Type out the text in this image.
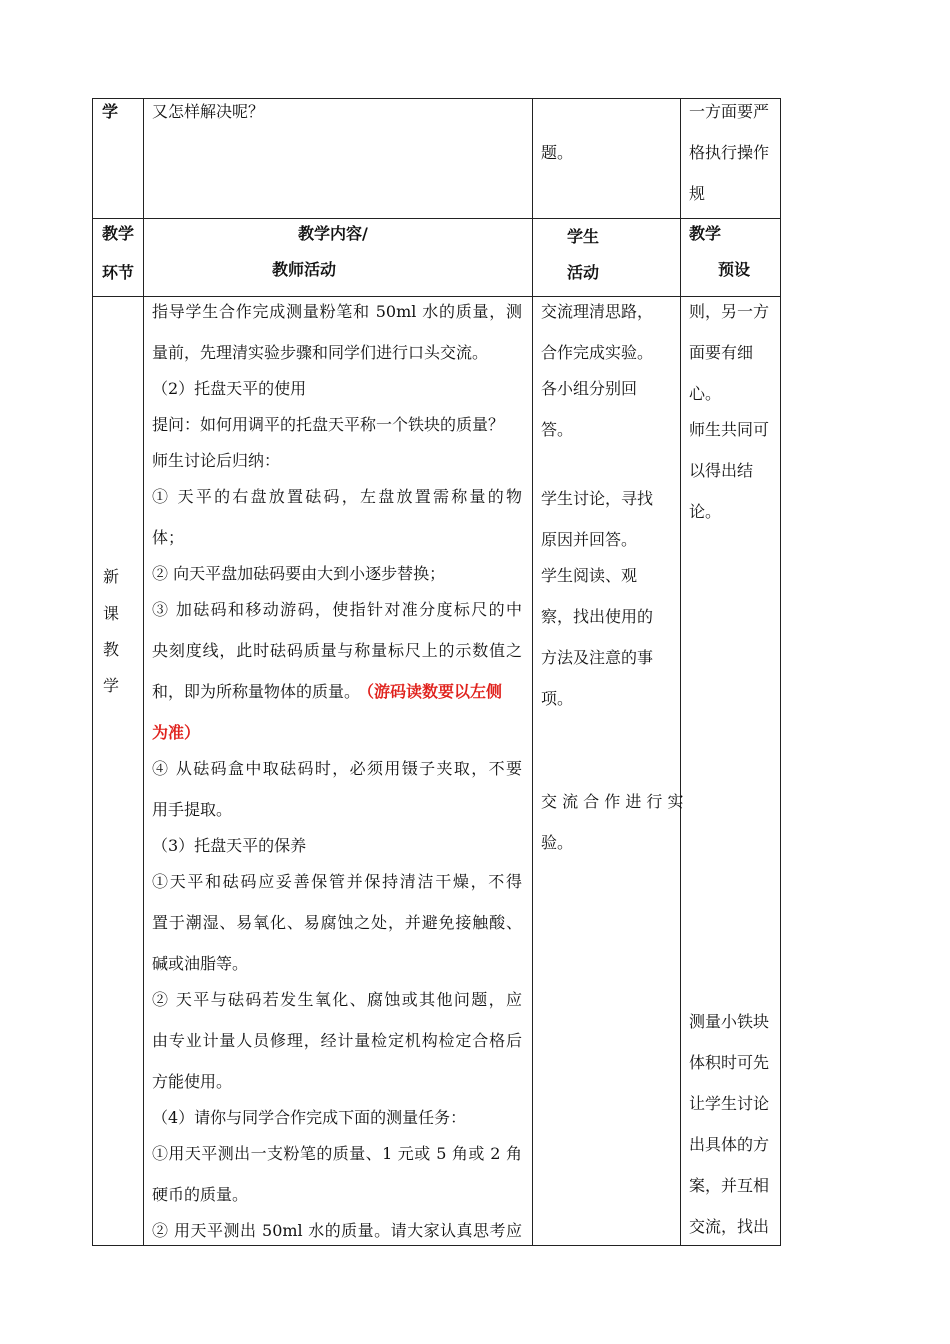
学 又怎样解决呢？
题。
一方面要严
格执行操作
规
教学
环节
教学内容/
教师活动
学生
活动
教学
预设
新
课
教
学
指导学生合作完成测量粉笔和 50ml 水的质量，测
量前，先理清实验步骤和同学们进行口头交流。
（2）托盘天平的使用
提问：如何用调平的托盘天平称一个铁块的质量？
师生讨论后归纳：
① 天平的右盘放置砝码，左盘放置需称量的物
体；
② 向天平盘加砝码要由大到小逐步替换；
③ 加砝码和移动游码，使指针对准分度标尺的中
央刻度线，此时砝码质量与称量标尺上的示数值之
和，即为所称量物体的质量。 （游码读数要以左侧
为准）
④ 从砝码盒中取砝码时，必须用镊子夹取，不要
用手提取。
（3）托盘天平的保养
①天平和砝码应妥善保管并保持清洁干燥，不得
置于潮湿、易氧化、易腐蚀之处，并避免接触酸、
碱或油脂等。
② 天平与砝码若发生氧化、腐蚀或其他问题，应
由专业计量人员修理，经计量检定机构检定合格后
方能使用。
（4）请你与同学合作完成下面的测量任务：
①用天平测出一支粉笔的质量、1 元或 5 角或 2 角
硬币的质量。
② 用天平测出 50ml 水的质量。请大家认真思考应
交流理清思路，
合作完成实验。
各小组分别回
答。
学生讨论，寻找
原因并回答。
学生阅读、观
察，找出使用的
方法及注意的事
项。
交 流 合 作 进 行 实
验。
则，另一方
面要有细
心。
师生共同可
以得出结
论。
测量小铁块
体积时可先
让学生讨论
出具体的方
案，并互相
交流，找出
